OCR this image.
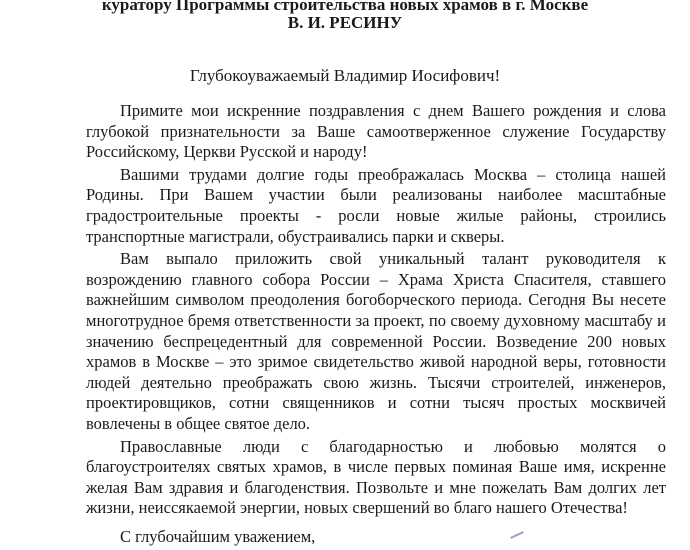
куратору Программы строительства новых храмов в г. Москве
В. И. РЕСИНУ
Глубокоуважаемый Владимир Иосифович!

Примите мои искренние поздравления с днем Вашего рождения и слова глубокой признательности за Ваше самоотверженное служение Государству Российскому, Церкви Русской и народу!

Вашими трудами долгие годы преображалась Москва – столица нашей Родины. При Вашем участии были реализованы наиболее масштабные градостроительные проекты - росли новые жилые районы, строились транспортные магистрали, обустраивались парки и скверы.

Вам выпало приложить свой уникальный талант руководителя к возрождению главного собора России – Храма Христа Спасителя, ставшего важнейшим символом преодоления богоборческого периода. Сегодня Вы несете многотрудное бремя ответственности за проект, по своему духовному масштабу и значению беспрецедентный для современной России. Возведение 200 новых храмов в Москве – это зримое свидетельство живой народной веры, готовности людей деятельно преображать свою жизнь. Тысячи строителей, инженеров, проектировщиков, сотни священников и сотни тысяч простых москвичей вовлечены в общее святое дело.

Православные люди с благодарностью и любовью молятся о благоустроителях святых храмов, в числе первых поминая Ваше имя, искренне желая Вам здравия и благоденствия. Позвольте и мне пожелать Вам долгих лет жизни, неиссякаемой энергии, новых свершений во благо нашего Отечества!

С глубочайшим уважением,
